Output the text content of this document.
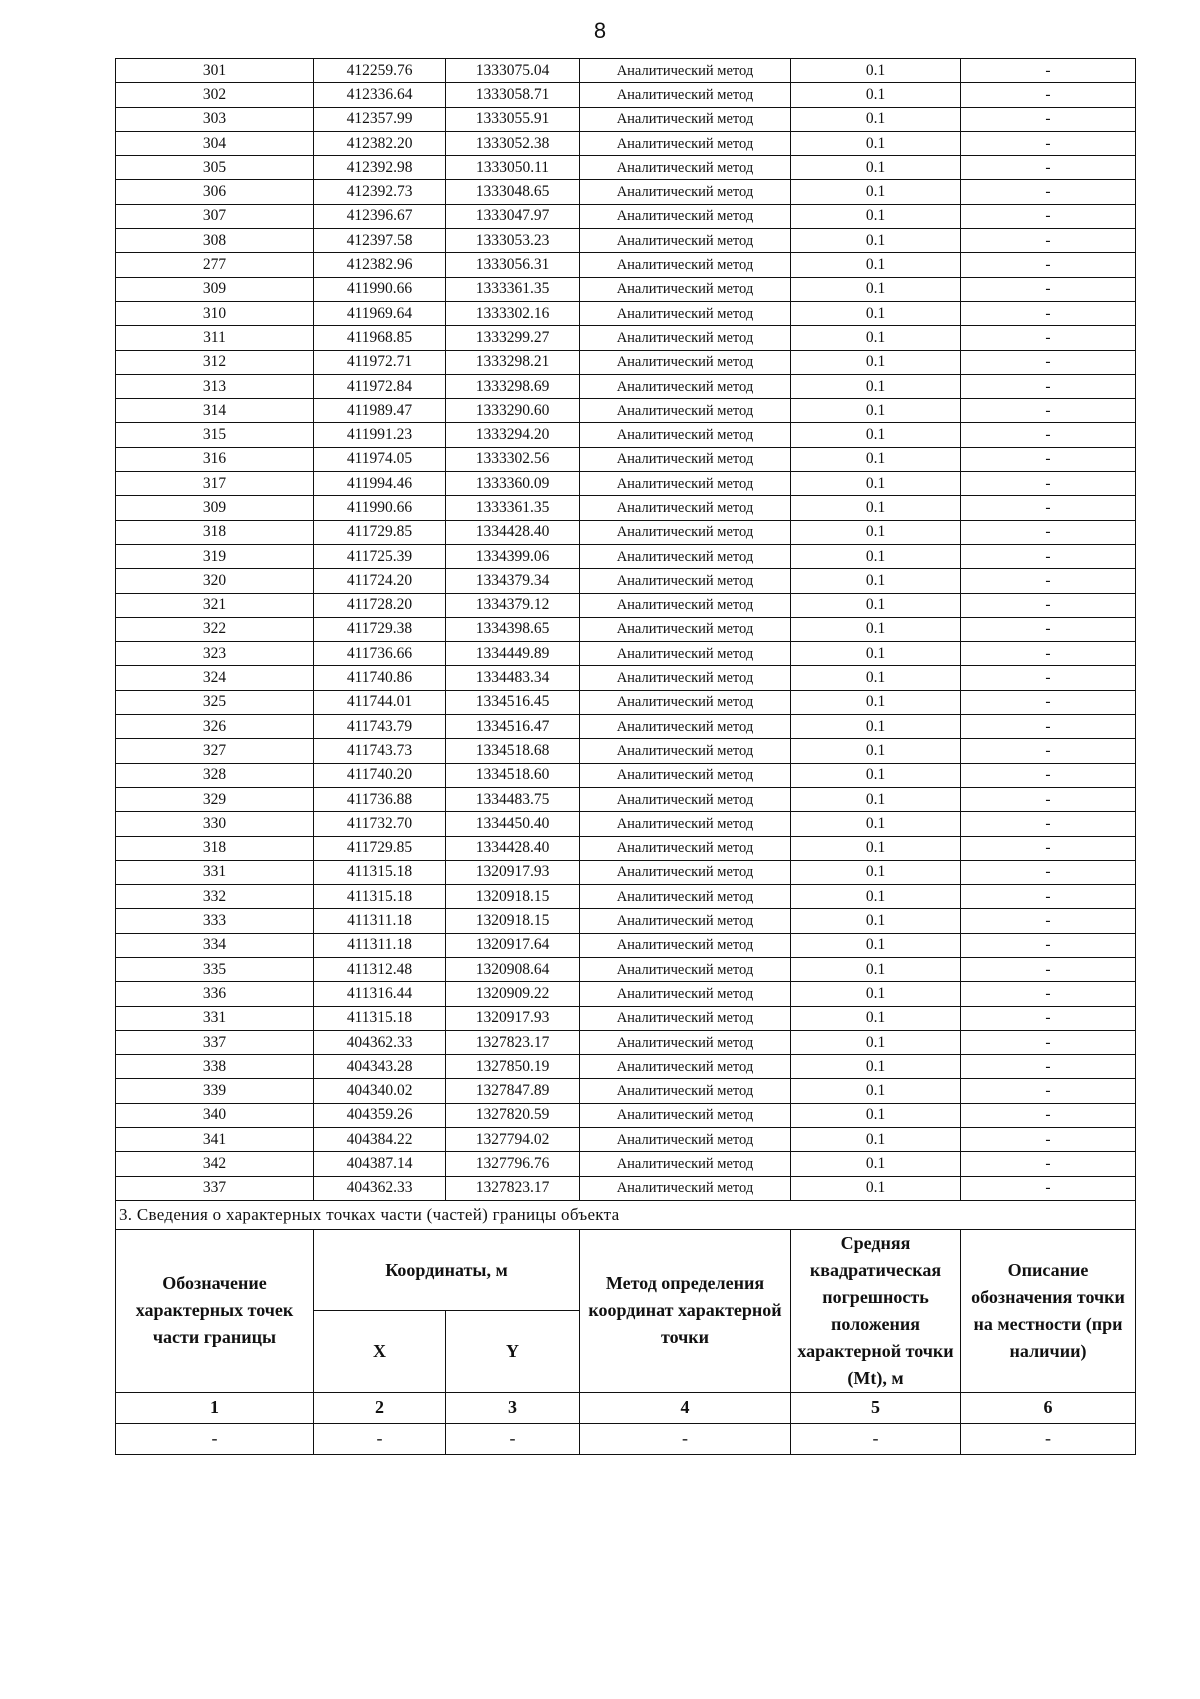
8
301	412259.76	1333075.04	Аналитический метод	0.1	-
302	412336.64	1333058.71	Аналитический метод	0.1	-
303	412357.99	1333055.91	Аналитический метод	0.1	-
304	412382.20	1333052.38	Аналитический метод	0.1	-
305	412392.98	1333050.11	Аналитический метод	0.1	-
306	412392.73	1333048.65	Аналитический метод	0.1	-
307	412396.67	1333047.97	Аналитический метод	0.1	-
308	412397.58	1333053.23	Аналитический метод	0.1	-
277	412382.96	1333056.31	Аналитический метод	0.1	-
309	411990.66	1333361.35	Аналитический метод	0.1	-
310	411969.64	1333302.16	Аналитический метод	0.1	-
311	411968.85	1333299.27	Аналитический метод	0.1	-
312	411972.71	1333298.21	Аналитический метод	0.1	-
313	411972.84	1333298.69	Аналитический метод	0.1	-
314	411989.47	1333290.60	Аналитический метод	0.1	-
315	411991.23	1333294.20	Аналитический метод	0.1	-
316	411974.05	1333302.56	Аналитический метод	0.1	-
317	411994.46	1333360.09	Аналитический метод	0.1	-
309	411990.66	1333361.35	Аналитический метод	0.1	-
318	411729.85	1334428.40	Аналитический метод	0.1	-
319	411725.39	1334399.06	Аналитический метод	0.1	-
320	411724.20	1334379.34	Аналитический метод	0.1	-
321	411728.20	1334379.12	Аналитический метод	0.1	-
322	411729.38	1334398.65	Аналитический метод	0.1	-
323	411736.66	1334449.89	Аналитический метод	0.1	-
324	411740.86	1334483.34	Аналитический метод	0.1	-
325	411744.01	1334516.45	Аналитический метод	0.1	-
326	411743.79	1334516.47	Аналитический метод	0.1	-
327	411743.73	1334518.68	Аналитический метод	0.1	-
328	411740.20	1334518.60	Аналитический метод	0.1	-
329	411736.88	1334483.75	Аналитический метод	0.1	-
330	411732.70	1334450.40	Аналитический метод	0.1	-
318	411729.85	1334428.40	Аналитический метод	0.1	-
331	411315.18	1320917.93	Аналитический метод	0.1	-
332	411315.18	1320918.15	Аналитический метод	0.1	-
333	411311.18	1320918.15	Аналитический метод	0.1	-
334	411311.18	1320917.64	Аналитический метод	0.1	-
335	411312.48	1320908.64	Аналитический метод	0.1	-
336	411316.44	1320909.22	Аналитический метод	0.1	-
331	411315.18	1320917.93	Аналитический метод	0.1	-
337	404362.33	1327823.17	Аналитический метод	0.1	-
338	404343.28	1327850.19	Аналитический метод	0.1	-
339	404340.02	1327847.89	Аналитический метод	0.1	-
340	404359.26	1327820.59	Аналитический метод	0.1	-
341	404384.22	1327794.02	Аналитический метод	0.1	-
342	404387.14	1327796.76	Аналитический метод	0.1	-
337	404362.33	1327823.17	Аналитический метод	0.1	-
3. Сведения о характерных точках части (частей) границы объекта					
Обозначение характерных точек части границы	Координаты, м		Метод определения координат характерной точки	Средняя квадратическая погрешность положения характерной точки (Mt), м	Описание обозначения точки на местности (при наличии)
	X	Y			
1	2	3	4	5	6
-	-	-	-	-	-
